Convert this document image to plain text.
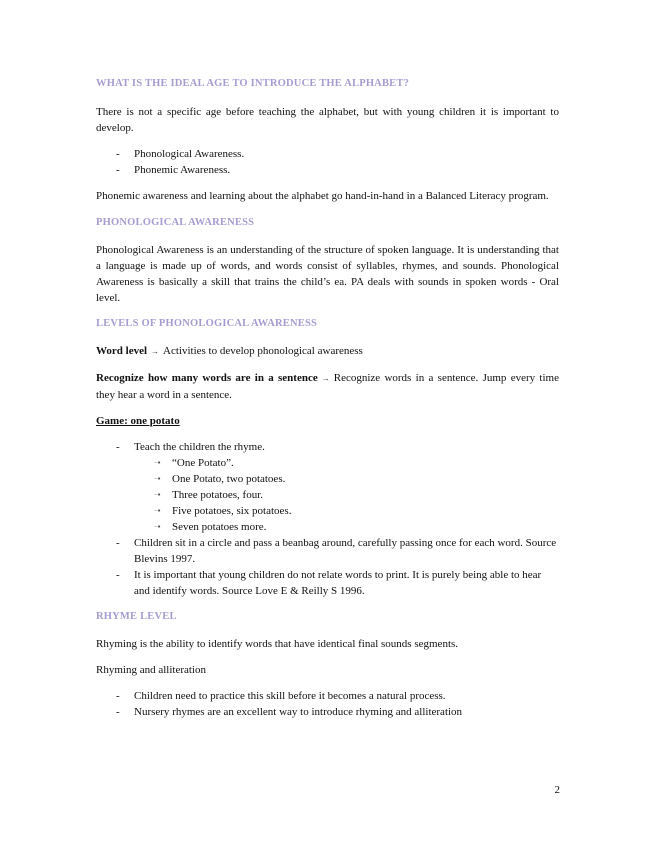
WHAT IS THE IDEAL AGE TO INTRODUCE THE ALPHABET?

There is not a specific age before teaching the alphabet, but with young children it is important to develop.

- Phonological Awareness.
- Phonemic Awareness.

Phonemic awareness and learning about the alphabet go hand-in-hand in a Balanced Literacy program.

PHONOLOGICAL AWARENESS

Phonological Awareness is an understanding of the structure of spoken language. It is understanding that a language is made up of words, and words consist of syllables, rhymes, and sounds. Phonological Awareness is basically a skill that trains the child’s ea. PA deals with sounds in spoken words - Oral level.

LEVELS OF PHONOLOGICAL AWARENESS

Word level → Activities to develop phonological awareness

Recognize how many words are in a sentence → Recognize words in a sentence. Jump every time they hear a word in a sentence.

Game: one potato

- Teach the children the rhyme.
➝ “One Potato”.
➝ One Potato, two potatoes.
➝ Three potatoes, four.
➝ Five potatoes, six potatoes.
➝ Seven potatoes more.
- Children sit in a circle and pass a beanbag around, carefully passing once for each word. Source Blevins 1997.
- It is important that young children do not relate words to print. It is purely being able to hear and identify words. Source Love E & Reilly S 1996.
RHYME LEVEL

Rhyming is the ability to identify words that have identical final sounds segments.

Rhyming and alliteration

- Children need to practice this skill before it becomes a natural process.
- Nursery rhymes are an excellent way to introduce rhyming and alliteration
2
